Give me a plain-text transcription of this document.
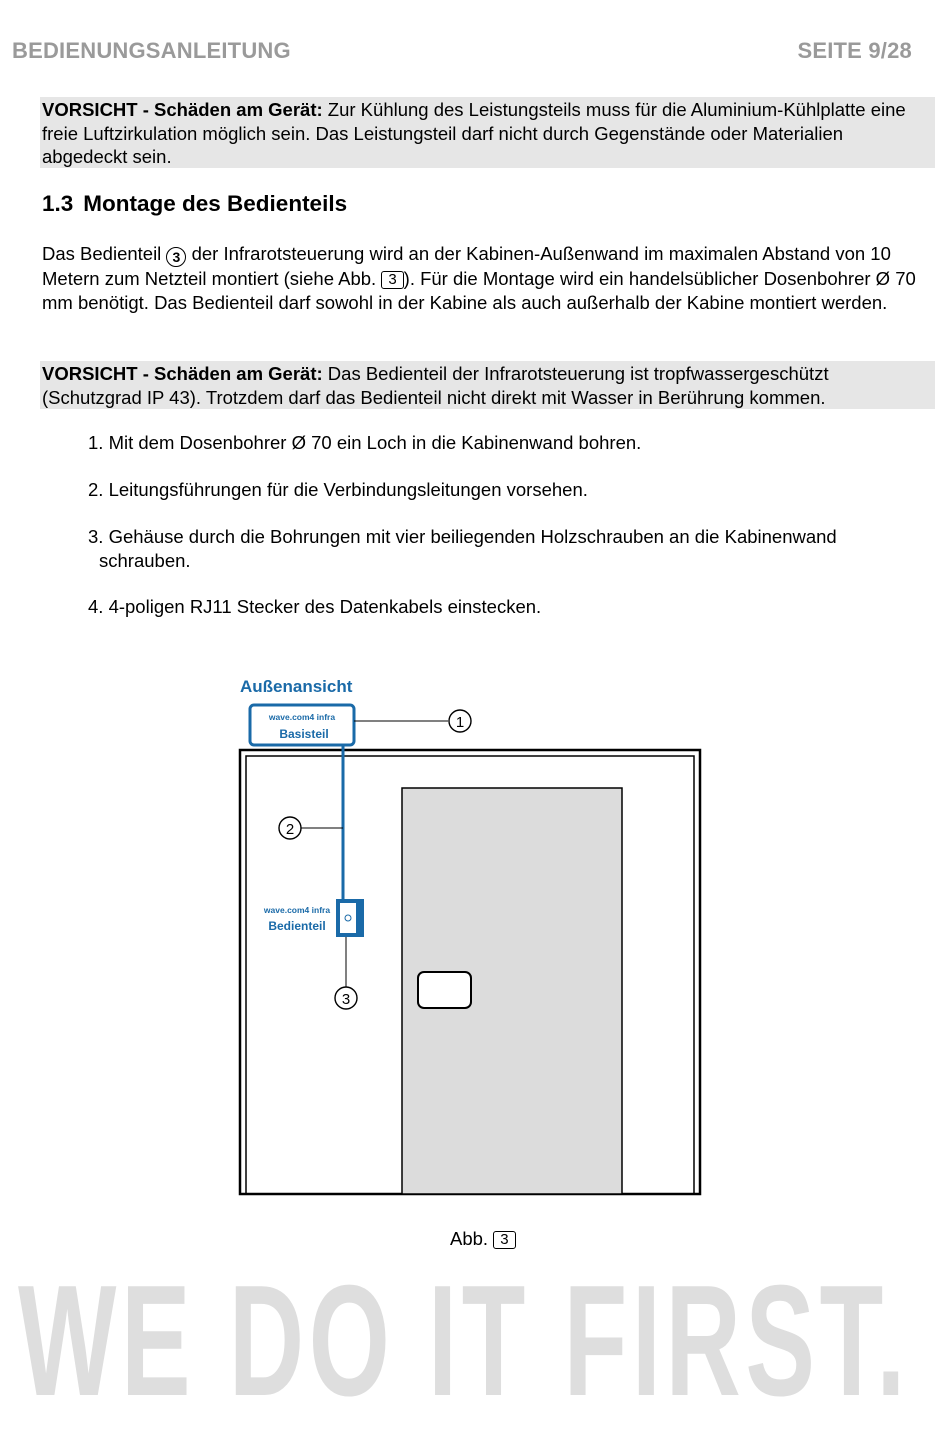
BEDIENUNGSANLEITUNG	SEITE 9/28
VORSICHT - Schäden am Gerät: Zur Kühlung des Leistungsteils muss für die Aluminium-Kühlplatte eine freie Luftzirkulation möglich sein. Das Leistungsteil darf nicht durch Gegenstände oder Materialien abgedeckt sein.
1.3 Montage des Bedienteils
Das Bedienteil 3 der Infrarotsteuerung wird an der Kabinen-Außenwand im maximalen Abstand von 10 Metern zum Netzteil montiert (siehe Abb. 3 ). Für die Montage wird ein handelsüblicher Dosenbohrer Ø 70 mm benötigt. Das Bedienteil darf sowohl in der Kabine als auch außerhalb der Kabine montiert werden.
VORSICHT - Schäden am Gerät: Das Bedienteil der Infrarotsteuerung ist tropfwassergeschützt (Schutzgrad IP 43). Trotzdem darf das Bedienteil nicht direkt mit Wasser in Berührung kommen.
1. Mit dem Dosenbohrer Ø 70 ein Loch in die Kabinenwand bohren.
2. Leitungsführungen für die Verbindungsleitungen vorsehen.
3. Gehäuse durch die Bohrungen mit vier beiliegenden Holzschrauben an die Kabinenwand
schrauben.
4. 4-poligen RJ11 Stecker des Datenkabels einstecken.
Außenansicht
wave.com4 infra
Basisteil
wave.com4 infra
Bedienteil
1
2
3
Abb. 3
WE DO IT FIRST.
